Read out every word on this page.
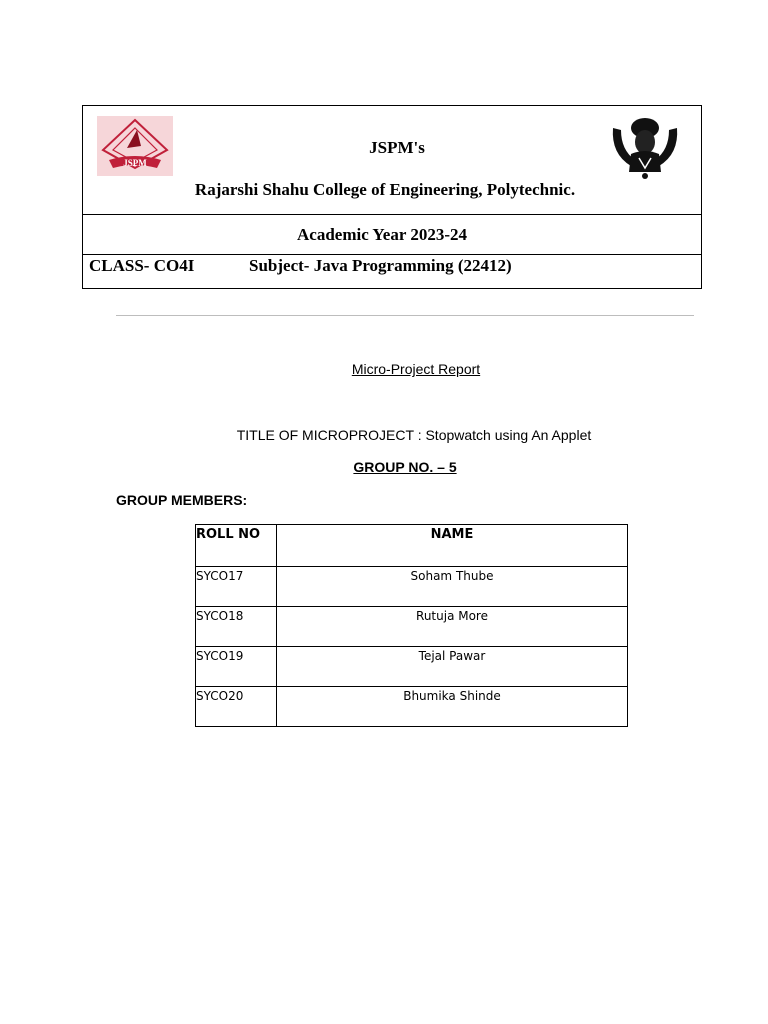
JSPM
JSPM's
Rajarshi Shahu College of Engineering, Polytechnic.
Academic Year 2023-24
CLASS- CO4I	Subject- Java Programming (22412)
Micro-Project Report
TITLE OF MICROPROJECT : Stopwatch using An Applet
GROUP NO. – 5
GROUP MEMBERS:
ROLL NO	NAME
SYCO17	Soham Thube
SYCO18	Rutuja More
SYCO19	Tejal Pawar
SYCO20	Bhumika Shinde
